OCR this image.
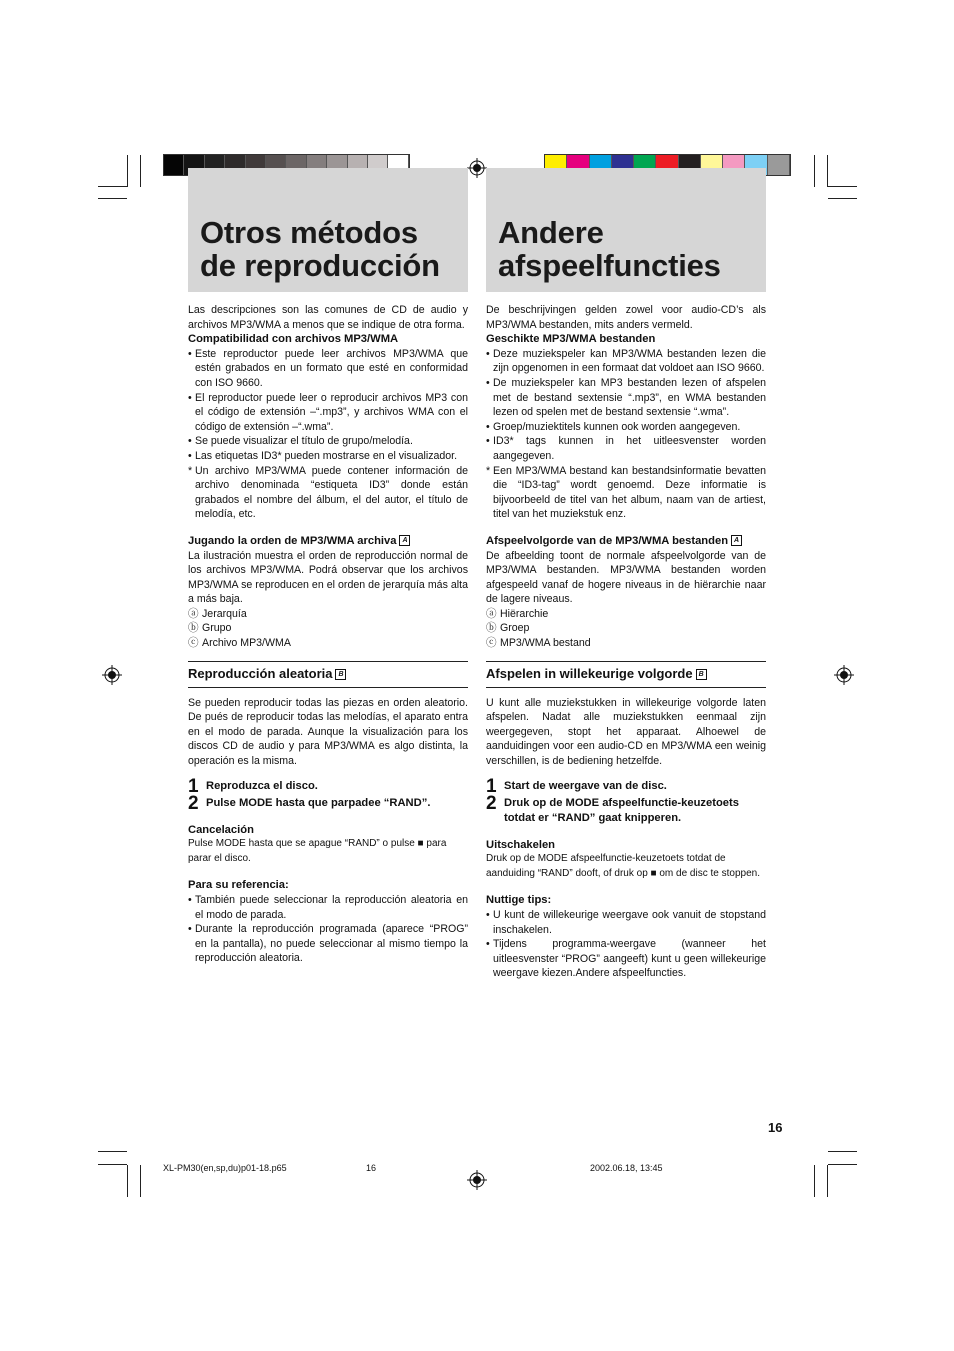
Otros métodos
de reproducción
Andere
afspeelfuncties

Las descripciones son las comunes de CD de audio y archivos MP3/WMA a menos que se indique de otra forma.

Compatibilidad con archivos MP3/WMA

• Este reproductor puede leer archivos MP3/WMA que estén grabados en un formato que esté en conformidad con ISO 9660.
• El reproductor puede leer o reproducir archivos MP3 con el código de extensión –“.mp3”, y archivos WMA con el código de extensión –“.wma”.
• Se puede visualizar el título de grupo/melodía.
• Las etiquetas ID3* pueden mostrarse en el visualizador.
* Un archivo MP3/WMA puede contener información de archivo denominada “estiqueta ID3” donde están grabados el nombre del álbum, el del autor, el título de melodía, etc.

Jugando la orden de MP3/WMA archiva A

La ilustración muestra el orden de reproducción normal de los archivos MP3/WMA. Podrá observar que los archivos MP3/WMA se reproducen en el orden de jerarquía más alta a más baja.

ⓐ Jerarquía

ⓑ Grupo

ⓒ Archivo MP3/WMA

Reproducción aleatoria B

Se pueden reproducir todas las piezas en orden aleatorio. De pués de reproducir todas las melodías, el aparato entra en el modo de parada. Aunque la visualización para los discos CD de audio y para MP3/WMA es algo distinta, la operación es la misma.

1 Reproduzca el disco.
2 Pulse MODE hasta que parpadee “RAND”.

Cancelación

Pulse MODE hasta que se apague “RAND” o pulse ■ para parar el disco.

Para su referencia:

• También puede seleccionar la reproducción aleatoria en el modo de parada.
• Durante la reproducción programada (aparece “PROG” en la pantalla), no puede seleccionar al mismo tiempo la reproducción aleatoria.

De beschrijvingen gelden zowel voor audio-CD’s als MP3/WMA bestanden, mits anders vermeld.

Geschikte MP3/WMA bestanden

• Deze muziekspeler kan MP3/WMA bestanden lezen die zijn opgenomen in een formaat dat voldoet aan ISO 9660.
• De muziekspeler kan MP3 bestanden lezen of afspelen met de bestand sextensie “.mp3”, en WMA bestanden lezen od spelen met de bestand sextensie “.wma”.
• Groep/muziektitels kunnen ook worden aangegeven.
• ID3* tags kunnen in het uitleesvenster worden aangegeven.
* Een MP3/WMA bestand kan bestandsinformatie bevatten die “ID3-tag” wordt genoemd. Deze informatie is bijvoorbeeld de titel van het album, naam van de artiest, titel van het muziekstuk enz.

Afspeelvolgorde van de MP3/WMA bestanden A

De afbeelding toont de normale afspeelvolgorde van de MP3/WMA bestanden. MP3/WMA bestanden worden afgespeeld vanaf de hogere niveaus in de hiërarchie naar de lagere niveaus.

ⓐ Hiërarchie

ⓑ Groep

ⓒ MP3/WMA bestand

Afspelen in willekeurige volgorde B

U kunt alle muziekstukken in willekeurige volgorde laten afspelen. Nadat alle muziekstukken eenmaal zijn weergegeven, stopt het apparaat. Alhoewel de aanduidingen voor een audio-CD en MP3/WMA een weinig verschillen, is de bediening hetzelfde.

1 Start de weergave van de disc.
2 Druk op de MODE afspeelfunctie-keuzetoets totdat er “RAND” gaat knipperen.

Uitschakelen

Druk op de MODE afspeelfunctie-keuzetoets totdat de aanduiding “RAND” dooft, of druk op ■ om de disc te stoppen.

Nuttige tips:

• U kunt de willekeurige weergave ook vanuit de stopstand inschakelen.
• Tijdens programma-weergave (wanneer het uitleesvenster “PROG” aangeeft) kunt u geen willekeurige weergave kiezen.Andere afspeelfuncties.
16
XL-PM30(en,sp,du)p01-18.p65	16	2002.06.18, 13:45
